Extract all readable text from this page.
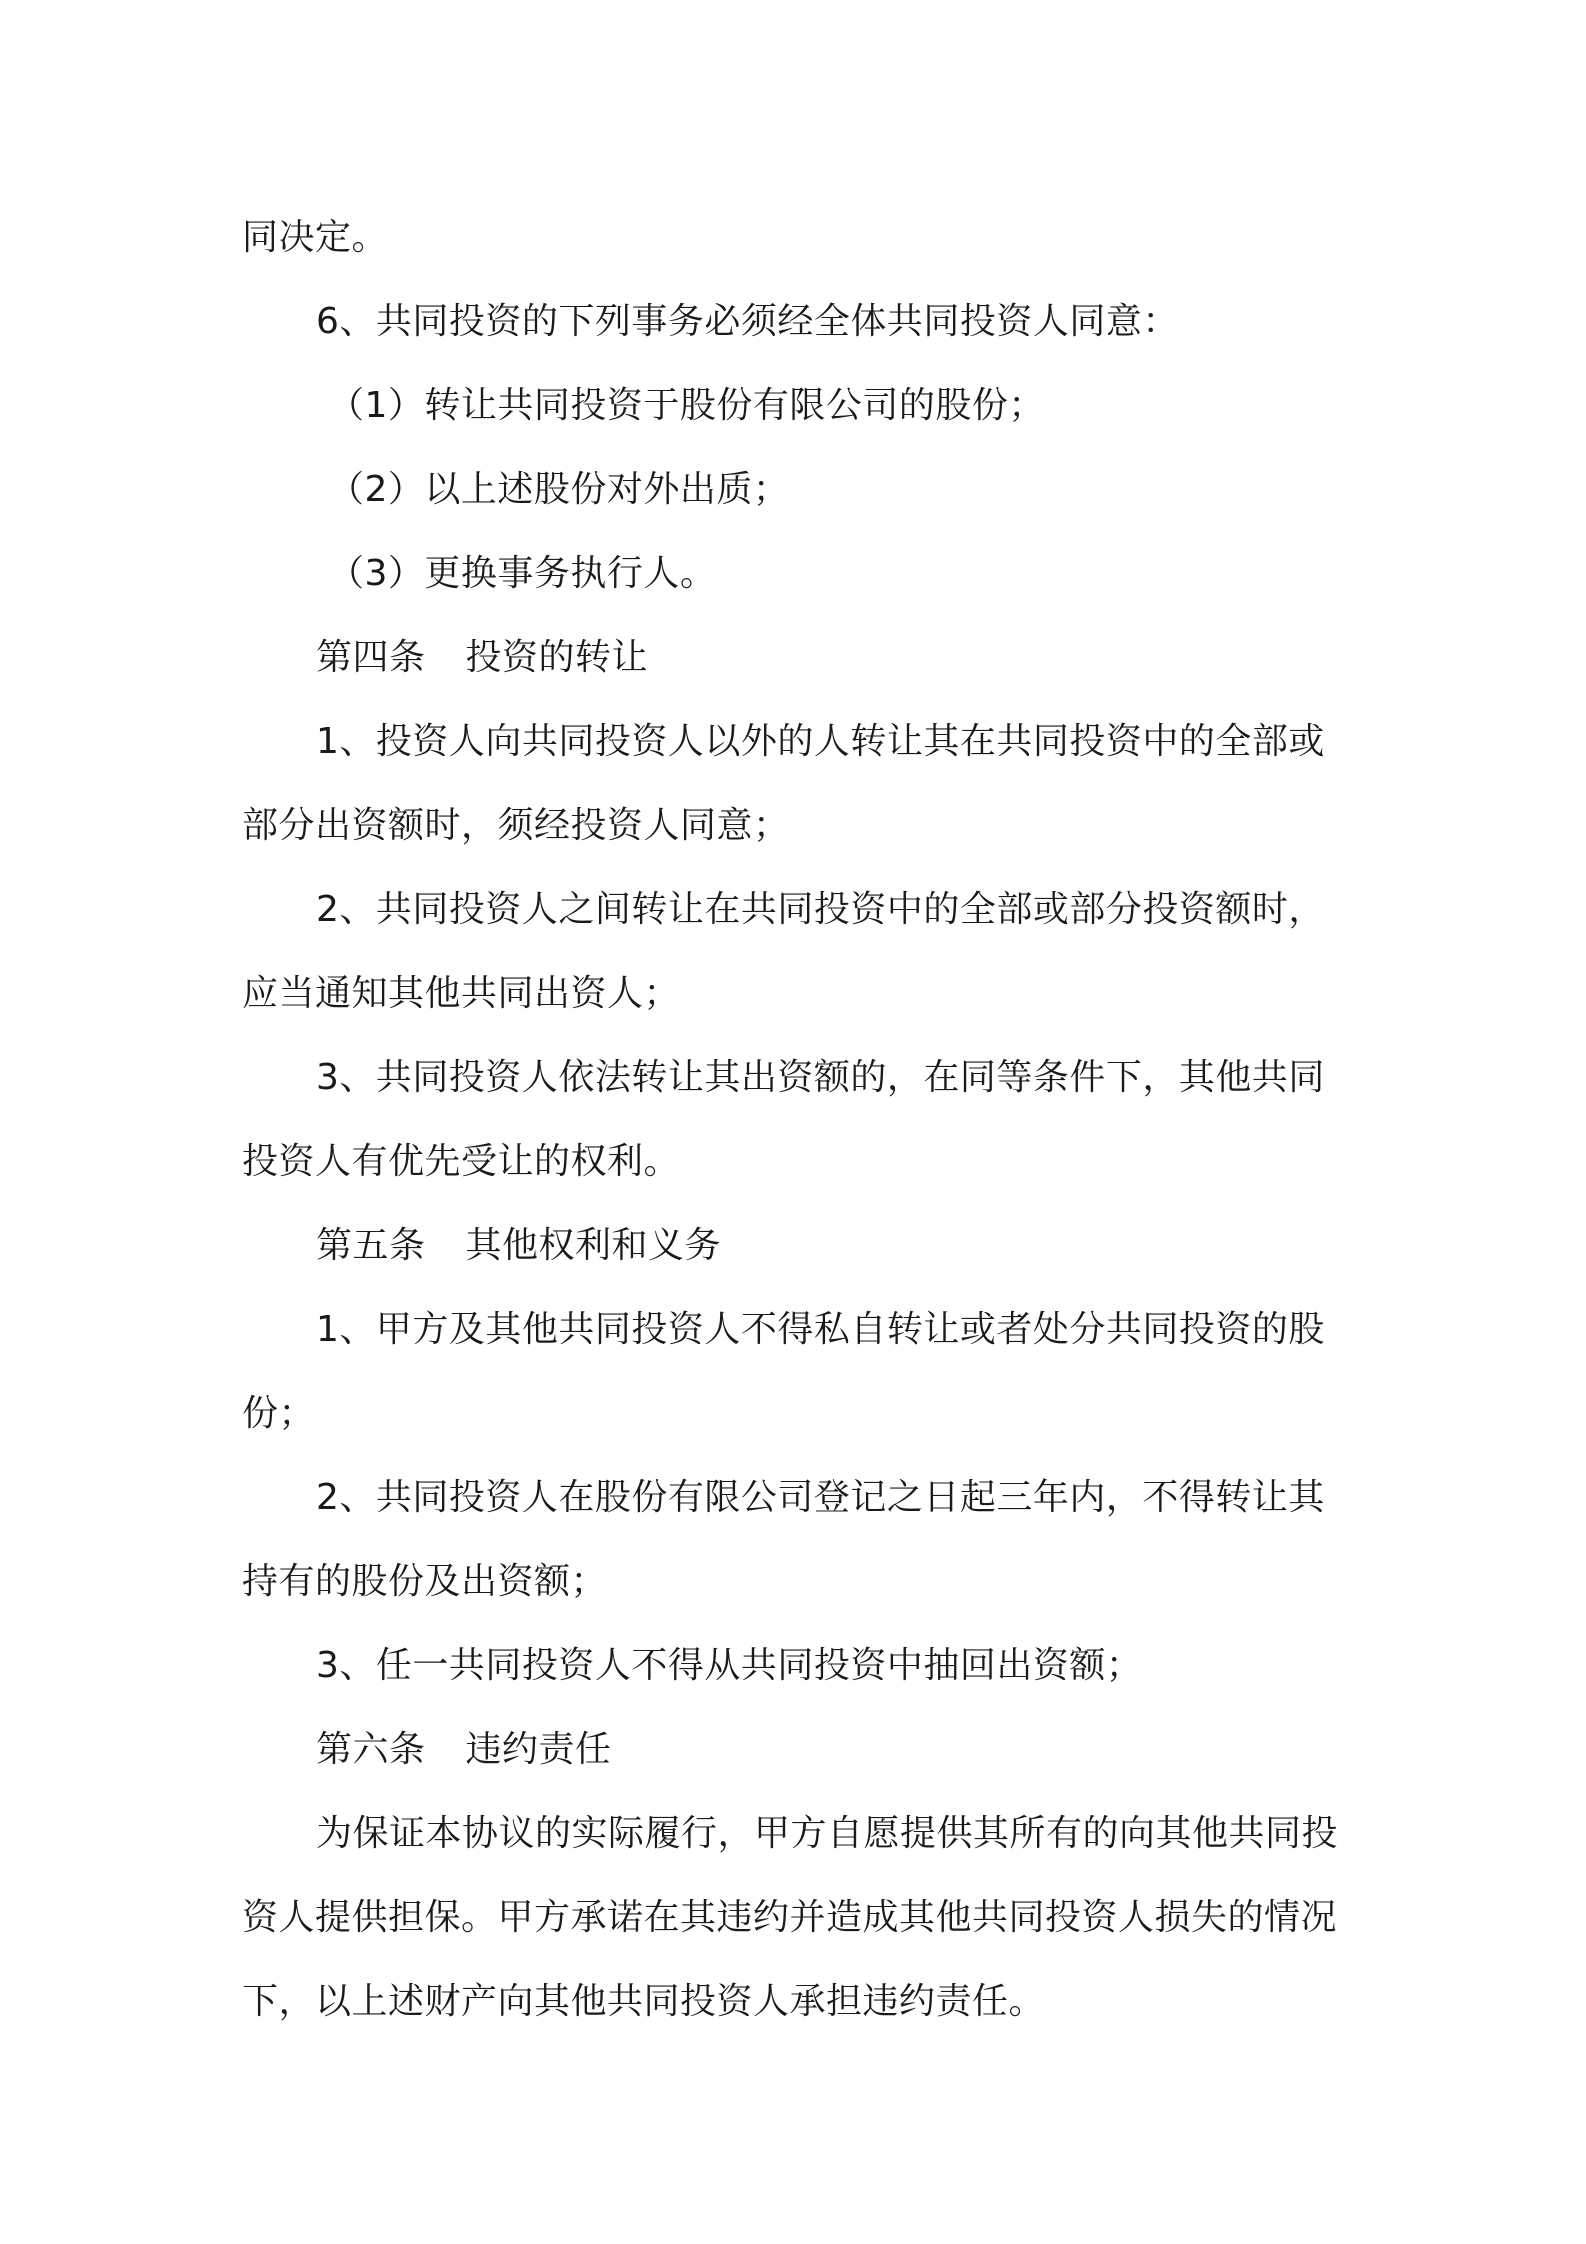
同决定。
6、共同投资的下列事务必须经全体共同投资人同意：
（1）转让共同投资于股份有限公司的股份；
（2）以上述股份对外出质；
（3）更换事务执行人。
第四条 投资的转让
1、投资人向共同投资人以外的人转让其在共同投资中的全部或
部分出资额时，须经投资人同意；
2、共同投资人之间转让在共同投资中的全部或部分投资额时，
应当通知其他共同出资人；
3、共同投资人依法转让其出资额的，在同等条件下，其他共同
投资人有优先受让的权利。
第五条 其他权利和义务
1、甲方及其他共同投资人不得私自转让或者处分共同投资的股
份；
2、共同投资人在股份有限公司登记之日起三年内，不得转让其
持有的股份及出资额；
3、任一共同投资人不得从共同投资中抽回出资额；
第六条 违约责任
为保证本协议的实际履行，甲方自愿提供其所有的向其他共同投
资人提供担保。甲方承诺在其违约并造成其他共同投资人损失的情况
下，以上述财产向其他共同投资人承担违约责任。
